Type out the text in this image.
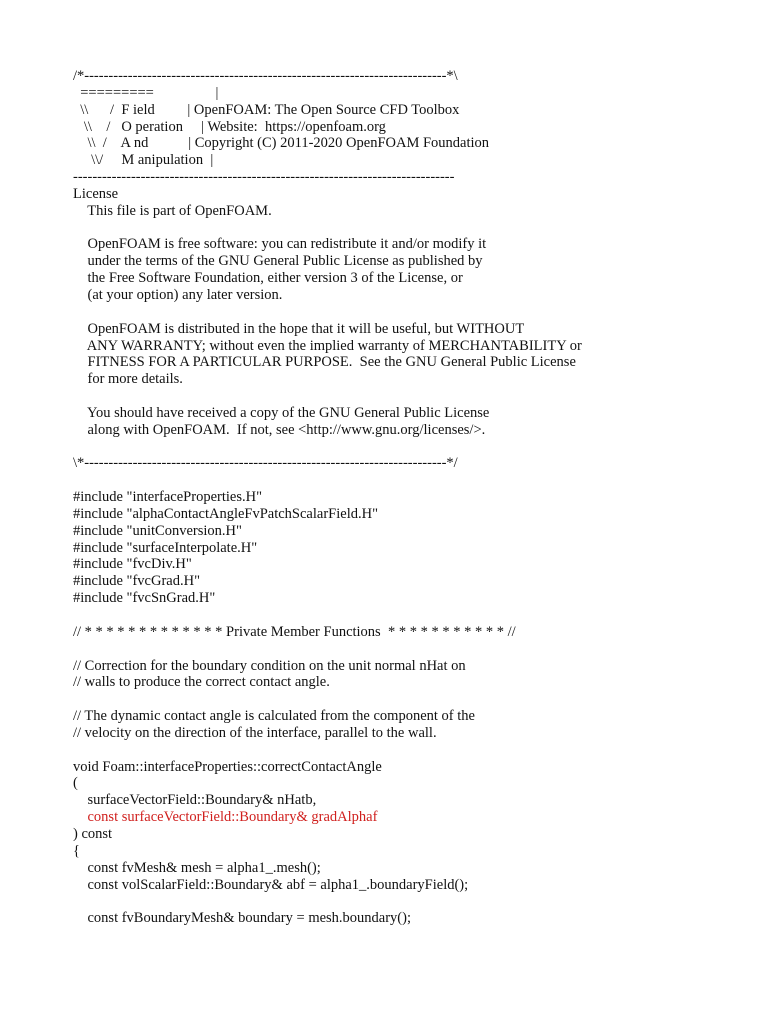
/*---------------------------------------------------------------------------*\
=========                 |
\\      /  F ield         | OpenFOAM: The Open Source CFD Toolbox
\\    /   O peration     | Website:  https://openfoam.org
\\  /    A nd           | Copyright (C) 2011-2020 OpenFOAM Foundation
\\/     M anipulation  |
-------------------------------------------------------------------------------
License
This file is part of OpenFOAM.
OpenFOAM is free software: you can redistribute it and/or modify it
under the terms of the GNU General Public License as published by
the Free Software Foundation, either version 3 of the License, or
(at your option) any later version.
OpenFOAM is distributed in the hope that it will be useful, but WITHOUT
ANY WARRANTY; without even the implied warranty of MERCHANTABILITY or
FITNESS FOR A PARTICULAR PURPOSE.  See the GNU General Public License
for more details.
You should have received a copy of the GNU General Public License
along with OpenFOAM.  If not, see <http://www.gnu.org/licenses/>.
\*---------------------------------------------------------------------------*/
#include "interfaceProperties.H"
#include "alphaContactAngleFvPatchScalarField.H"
#include "unitConversion.H"
#include "surfaceInterpolate.H"
#include "fvcDiv.H"
#include "fvcGrad.H"
#include "fvcSnGrad.H"
// * * * * * * * * * * * * * Private Member Functions  * * * * * * * * * * * //
// Correction for the boundary condition on the unit normal nHat on
// walls to produce the correct contact angle.
// The dynamic contact angle is calculated from the component of the
// velocity on the direction of the interface, parallel to the wall.
void Foam::interfaceProperties::correctContactAngle
(
surfaceVectorField::Boundary& nHatb,
const surfaceVectorField::Boundary& gradAlphaf
) const
{
const fvMesh& mesh = alpha1_.mesh();
const volScalarField::Boundary& abf = alpha1_.boundaryField();
const fvBoundaryMesh& boundary = mesh.boundary();
